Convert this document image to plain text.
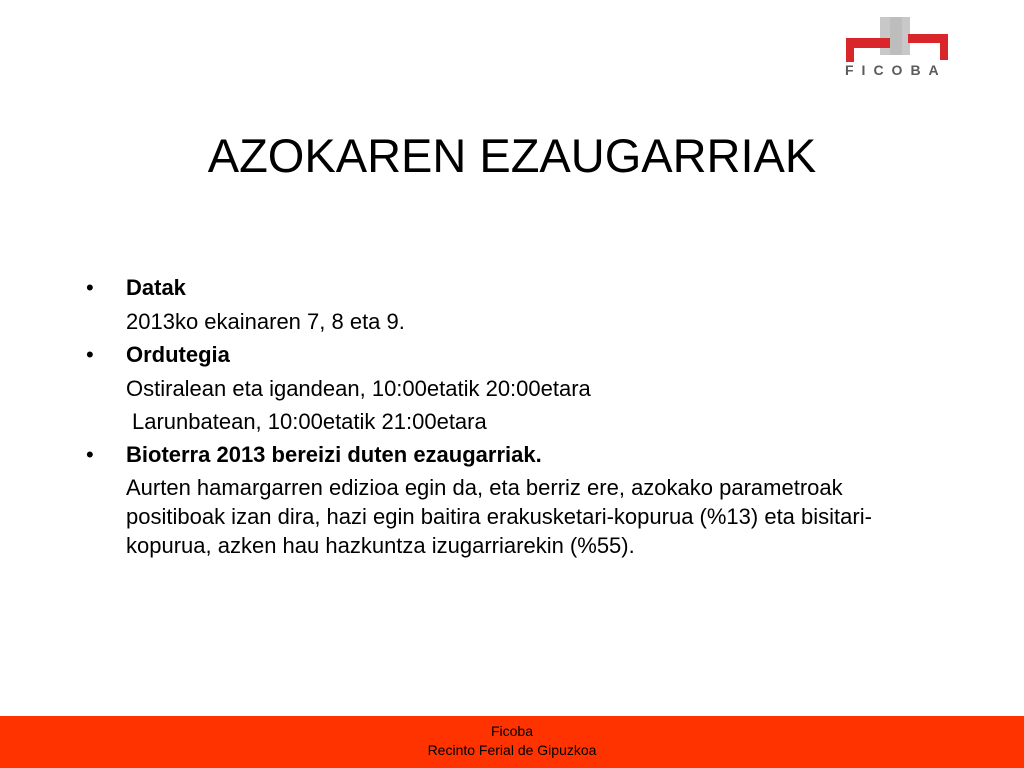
FICOBA
AZOKAREN EZAUGARRIAK
• Datak
2013ko ekainaren 7, 8 eta 9.
• Ordutegia
Ostiralean eta igandean, 10:00etatik 20:00etara
Larunbatean, 10:00etatik 21:00etara
• Bioterra 2013 bereizi duten ezaugarriak.
Aurten hamargarren edizioa egin da, eta berriz ere, azokako parametroak positiboak izan dira, hazi egin baitira erakusketari-kopurua (%13) eta bisitari-kopurua, azken hau hazkuntza izugarriarekin (%55).
Ficoba
Recinto Ferial de Gipuzkoa
